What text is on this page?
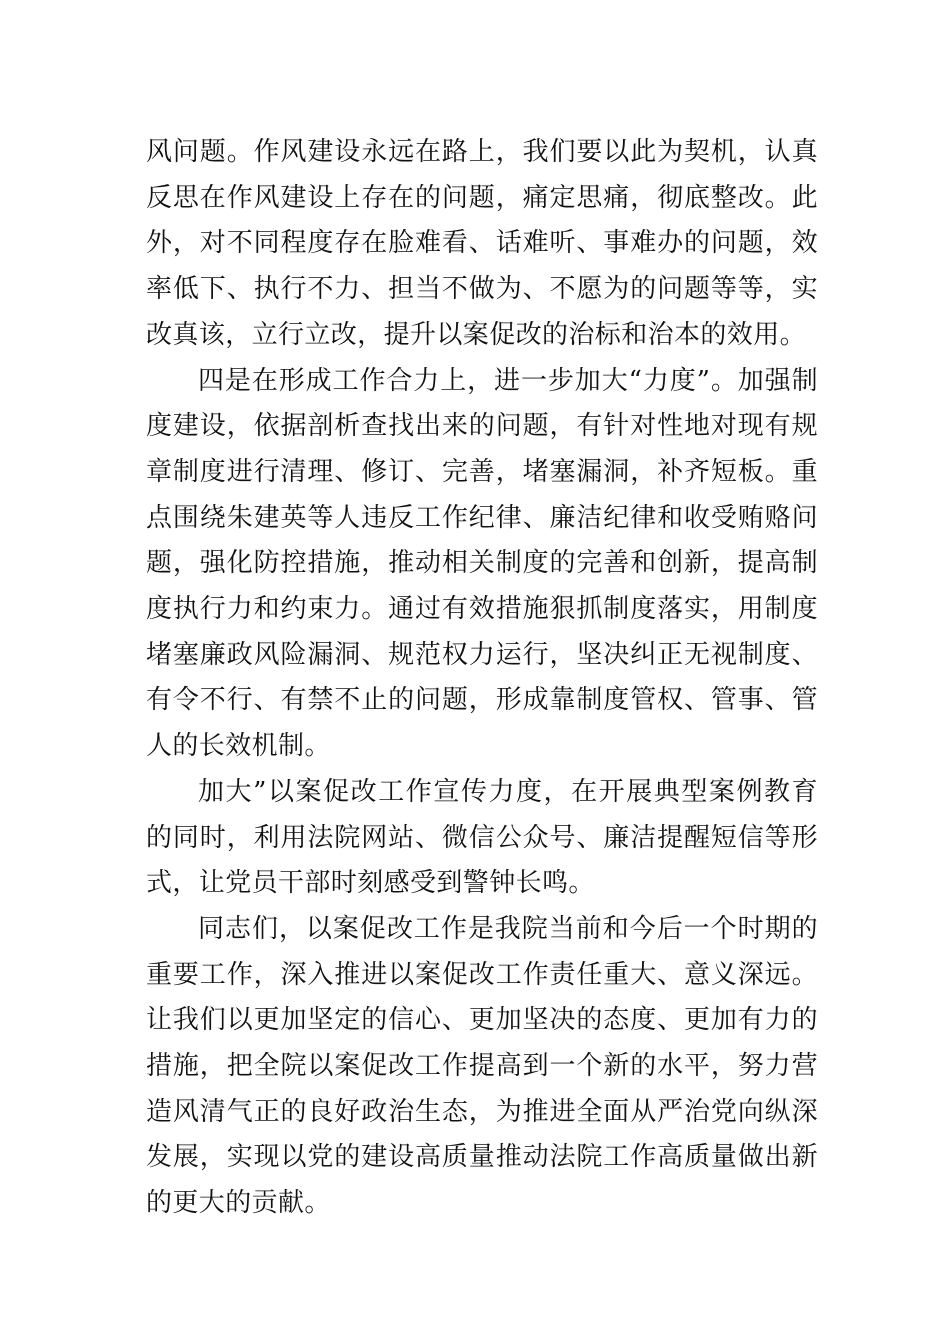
风问题。作风建设永远在路上，我们要以此为契机，认真反思在作风建设上存在的问题，痛定思痛，彻底整改。此外，对不同程度存在脸难看、话难听、事难办的问题，效率低下、执行不力、担当不做为、不愿为的问题等等，实改真该，立行立改，提升以案促改的治标和治本的效用。

四是在形成工作合力上，进一步加大“力度”。加强制度建设，依据剖析查找出来的问题，有针对性地对现有规章制度进行清理、修订、完善，堵塞漏洞，补齐短板。重点围绕朱建英等人违反工作纪律、廉洁纪律和收受贿赂问题，强化防控措施，推动相关制度的完善和创新，提高制度执行力和约束力。通过有效措施狠抓制度落实，用制度堵塞廉政风险漏洞、规范权力运行，坚决纠正无视制度、有令不行、有禁不止的问题，形成靠制度管权、管事、管人的长效机制。

加大”以案促改工作宣传力度，在开展典型案例教育的同时，利用法院网站、微信公众号、廉洁提醒短信等形式，让党员干部时刻感受到警钟长鸣。

同志们，以案促改工作是我院当前和今后一个时期的重要工作，深入推进以案促改工作责任重大、意义深远。让我们以更加坚定的信心、更加坚决的态度、更加有力的措施，把全院以案促改工作提高到一个新的水平，努力营造风清气正的良好政治生态，为推进全面从严治党向纵深发展，实现以党的建设高质量推动法院工作高质量做出新的更大的贡献。
